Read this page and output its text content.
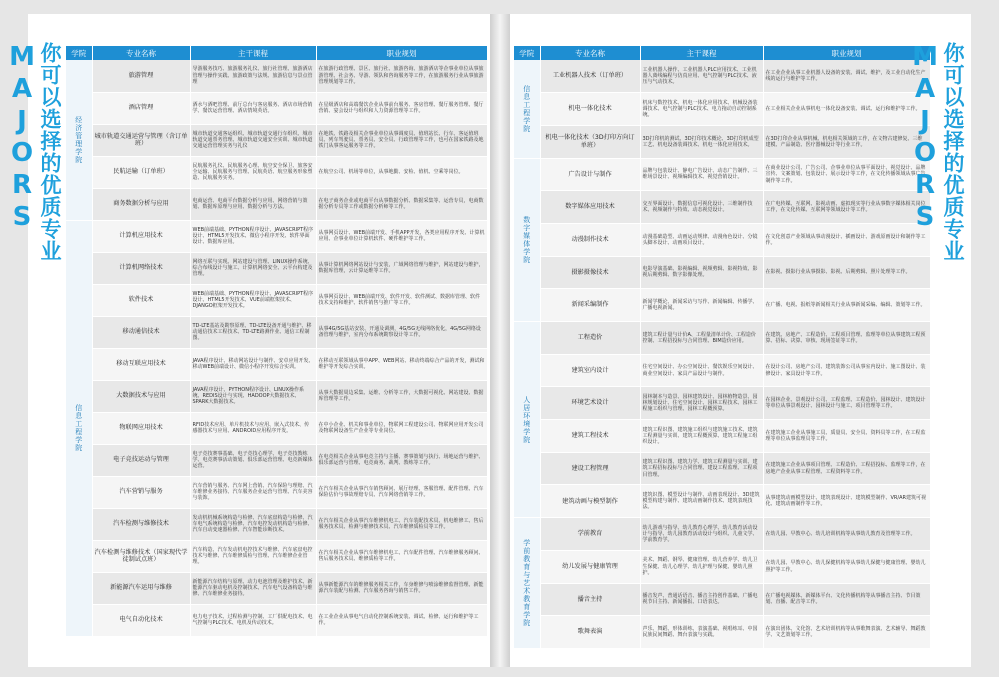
你可以选择的优质专业
MAJORS	学院	专业名称	主干课程	职业规划
经济管理学院	旅游管理	导游服务技巧、旅游服务礼仪、旅行社管理、旅游酒店管理与操作实践、旅游政策与法规、旅游信息与景点管理	在旅游行政管理、景区、旅行社、旅游咨询、旅游酒店等企事业单位从事旅游管理、社会务、导游、领队和咨询服务等工作，在旅游服务行业从事旅游管理规划等工作。
	酒店管理	酒水与酒吧管理、前厅总台与客房服务、酒店市场营销学、餐饮运营管理、酒店情境英语。	在星级酒店和高端餐饮企业从事前台服务、客房管理、餐厅服务管理、餐厅营销、宴会设计与组织和人力资源管理等工作。
	城市轨道交通运营与管理（含订单班）	城市轨道交通客运组织、城市轨道交通行车组织、城市轨道交通票务管理、城市轨道交通安全实训、城市轨道交通运营管理实务与礼仪	在地铁、铁路及相关企事业单位从事调度员、值班站长、行车、客运值班员、列车驾驶员、票务员、安全员、行政管理等工作，也可在国家铁路及地铁门从事客运服务等工作。
	民航运输（订单班）	民航服务礼仪、民航服务心理、航空安全保卫、旅客安全运输、民航服务与管理、民航英语、航空服务形象塑造、民航服务实务。	在航空公司、机场等单位，从事地勤、安检、值机、空乘等岗位。
	商务数据分析与应用	电商运营、电商平台数据分析与应用、网络营销与策划、数据库原理与应用、数据分析与方法。	在电子商务企业或电商平台从事数据分析、数据采集等、运营专员，电商数据分析专员等工作或数据分析师等工作。
信息工程学院	计算机应用技术	WEB前端基础、PYTHON程序设计、JAVASCRIPT程序设计、HTML5开发技术、微信小程序开发、软件界面设计、数据库应用。	从事网页设计、WEB前端开发、手机APP开发、各类应用程序开发、计算机应用、企事业单位计算机软件、硬件维护等工作。
	计算机网络技术	网络互联与实现、网站建设与管理、LINUX操作系统、综合布线设计与施工、计算机网络安全、云平台构建及管理。	从事计算机网络网站设计与安装，广域网络管理与维护，网站建设与维护，数据库管理，云计算运维等工作。
	软件技术	WEB前端基础、PYTHON程序设计、JAVASCRIPT程序设计、HTML5开发技术、VUE前端框架技术、DJANGO框架开发技术。	从事网页设计、WEB前端开发、软件开发、软件测试、数据库管理、软件技术支持和维护、软件销售与推广等工作。
	移动通信技术	TD-LTE基站及勘察原理、TD-LTE设备开通与维护、移动通信技术工程技术、TD-LTE路测作业、通信工程制图。	从事4G/5G基站安装、开通及调测，4G/5G无线网络优化，4G/5G网络设备管理与维护，室内分布系统勘察设计等工作。
	移动互联应用技术	JAVA程序设计、移动网站设计与制作、安卓应用开发、移动WEB前端设计、微信小程序开发综合实训。	在移动互联领域从事中APP、WEB网站、移动终端综合产品的开发，测试和维护等开发综合实训。
	大数据技术与应用	JAVA程序设计、PYTHON程序设计、LINUX操作系统、REDIS设计与实现、HADOOP大数据技术、SPARK大数据技术。	从事大数据周边采集、运维、分析等工作，大数据可视化、网站建设、数据库管理等工作。
	物联网应用技术	RFID技术应用、单片机技术与应用、嵌入式技术、传感器技术与应用、ANDROID应用程序开发。	在中小企业、机关和事业单位，物联网工程建设公司、物联网应用开发公司及物联网设备生产企业等专业岗位。
	电子竞技运动与管理	电子竞技赛事基础、电子竞技心理学、电子竞技教练学、电竞赛事活动策划、俱乐部运营管理、电竞新媒体运营。	在电竞相关企业从事电竞主持与主播、赛事策划与执行、场地运营与维护、俱乐部运营与管理、电竞商务、裁判、教练等工作。
	汽车营销与服务	汽车营销与服务、汽车网上营销、汽车保险与理赔、汽车维修业务接待、汽车服务企业运营与管理、汽车美容与装饰。	在汽车相关企业从事汽车销售顾问、展厅经理、客服管理、配件管理、汽车保险估价与事故理赔专员、汽车网络营销等工作。
	汽车检测与维修技术	发动机机械系统构造与检修、汽车底盘构造与检修、汽车电气系统构造与检修、汽车电控发动机构造与检修、汽车自动变速器检修、汽车智能诊断技术。	在汽车相关企业从事汽车维修机电工、汽车装配技术员、机电维修工、售后服务技术员、检测与维修技术员、汽车维修质检员等工作。
	汽车检测与维修技术（国家现代学徒制试点班）	汽车构造、汽车发动机电控技术与维修、汽车底盘电控技术与维修、汽车维修质检与管理、汽车维修企业管理。	在汽车相关企业从事汽车维修机电工、汽车配件管理、汽车维修服务顾问、售后服务技术员、维修质检等工作。
	新能源汽车运用与维修	新能源汽车结构与原理、动力电池管理及维护技术、新能源汽车驱动电机及控制技术、汽车电气设备构造与维修、汽车维修业务接待。	从事新能源汽车的维修服务相关工作，车身维修与喷涂维修监督管理、新能源汽车装配与检测、汽车服务咨询与销售工作。
	电气自动化技术	电力电子技术、过程检测与控制、工厂供配电技术、电气控制与PLC技术、电机及传动技术。	在工业企业从事电气自动化控制系统安装、调试、检修、运行和维护等工作。
学院	专业名称	主干课程	职业规划
信息工程学院	工业机器人技术（订单班）	工业机器人操作、工业机器人PLC应用技术、工业机器人离线编程与仿真应用、电气控制与PLC技术、液压与气动技术。	在工业企业从事工业机器人设备的安装、调试、维护，及工业自动化生产线的运行与维护等工作。
	机电一体化技术	机床与数控技术、机电一体化应用技术、机械设备装调技术、电气控制与PLC技术、电力拖动自动控制系统。	在工业相关企业从事机电一体化设备安装、调试、运行和维护等工作。
	机电一体化技术（3D打印方向订单班）	3D打印机的测试、3D打印技术概论、3D打印机成型工艺、机电设备装调技术、机电一体化应用技术。	在3D打印企业从事机械、机电相关领域的工作，在文物古建修复、三维建模、产品制造、医疗器械设计等行业工作。
数字媒体学院	广告设计与制作	品牌与包装设计、静电广告设计、动态广告制作、三维场景设计、视频编辑技术、视觉营销设计。	在商业设计公司、广告公司、企事业单位从事平面设计、视觉设计、品牌宣传、文案策划、包装设计、展示设计等工作，在文化传播领域从事广告制作等工作。
	数字媒体应用技术	交互界面设计、数据信息可视化设计、三维制作技术、视频制作与特效、动态视觉设计。	在广电传媒、互联网、影视动画、虚拟现实等行业从事数字媒体相关岗位工作，在文化传媒、互联网等领域设计等工作。
	动漫制作技术	动漫基础造型、动画运动规律、动漫角色设计、分镜头脚本设计、动画项目设计。	在文化创意产业领域从事动漫设计、插画设计、游戏原画设计和制作等工作。
	摄影摄像技术	电影导演基础、影视编辑、视频剪辑、影视特效、影视后期剪辑、数字影像处理。	在影视、摄影行业从事摄影、影视、后期剪辑、照片处理等工作。
	新闻采编制作	新闻学概论、新闻采访与写作、新闻编辑、传播学、广播电视新闻。	在广播、电视、报纸等新闻相关行业从事新闻采编、编辑、策划等工作。
人居环境学院	工程造价	建筑工程计量与计价A、工程量清单计价、工程造价控制、工程招投标与合同管理、BIM造价应用。	在建筑、房地产、工程造价、工程项目管理、监理等单位从事建筑工程预算、招标、决算、审核、现场签证等工作。
	建筑室内设计	住宅空间设计、办公空间设计、餐饮娱乐空间设计、商业空间设计、家具产品设计与制作。	在设计公司、房地产公司、建筑装饰公司从事室内设计、施工图设计、装修设计、家具设计等工作。
	环境艺术设计	园林制本与造景、园林建筑设计、园林植物造景、园林规划设计、住宅空间设计、园林工程技术、园林工程施工组织与管理、园林工程概预算。	在园林企业、景观设计公司、工程监理、工程造价、园林设计、建筑设计等单位从事景观设计、园林设计与施工、项目管理等工作。
	建筑工程技术	建筑工程识图、建筑施工组织与建筑施工技术、建筑工程测量与实训、建筑工程概预算、建筑工程施工组织设计。	在建筑施工企业从事施工员、质量员、安全员、资料员等工作，在工程监理等单位从事监理员等工作。
	建设工程管理	建筑工程识图、建筑力学、建筑工程测量与实训、建筑工程招标投标与合同管理、建设工程监理、工程项目管理。	在建筑施工企业从事项目管理、工程造价、工程招投标、监理等工作，在房地产企业从事工程管理、工程资料等工作。
	建筑动画与模型制作	建筑识图、模型设计与制作、动画表现设计、3D建筑模型构建与制作、建筑动画制作技术、建筑表现技法。	从事建筑动画模型设计、建筑表现设计、建筑模型制作、VR/AR建筑可视化、建筑动画制作等工作。
学前教育与艺术教育学院	学前教育	幼儿游戏与指导、幼儿教育心理学、幼儿教育活动设计与指导、幼儿园教育活动设计与组织、儿童文学、学前教育学。	在幼儿园、早教中心、幼儿培训机构等从事幼儿教育及管理等工作。
	幼儿发展与健康管理	美术、舞蹈、钢琴、健康管理、幼儿营养学、幼儿卫生保健、幼儿心理学、幼儿护理与保健、婴幼儿照护。	在幼儿园、早教中心、幼儿保健机构等从事幼儿保健与健康管理、婴幼儿照护等工作。
	播音主持	播音发声、普通话语音、播音主持创作基础、广播电视节目主持、新闻播报、口语表达。	在广播电视媒体、新媒体平台、文化传播机构等从事播音主持、节目策划、直播、配音等工作。
	歌舞表演	声乐、舞蹈、形体训练、表演基础、视唱练耳、中国民族民间舞蹈、舞台表演与实践。	在演出团体、文化馆、艺术培训机构等从事歌舞表演、艺术辅导、舞蹈教学、文艺策划等工作。
你可以选择的优质专业
MAJORS
